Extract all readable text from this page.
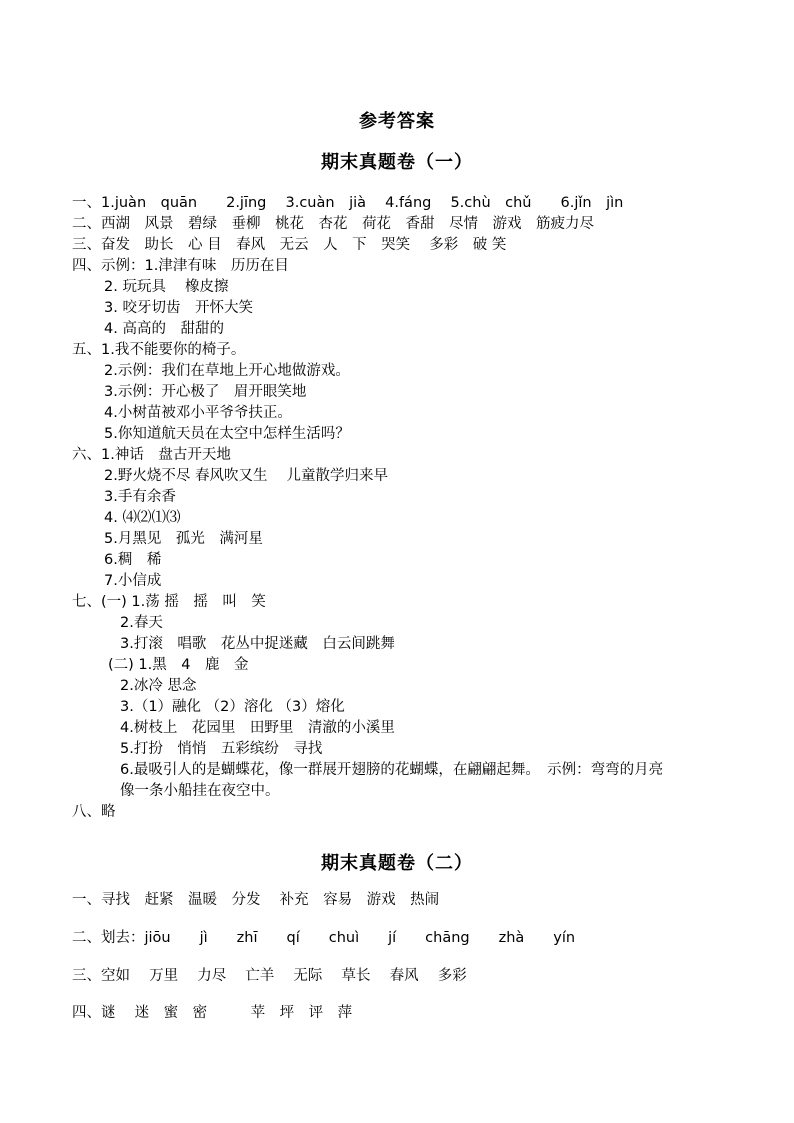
参考答案
期末真题卷（一）
一、1.juàn　quān　　2.jīng　 3.cuàn　jià　 4.fáng　 5.chù　chǔ　　6.jǐn　jìn
二、西湖　风景　碧绿　垂柳　桃花　杏花　荷花　香甜　尽情　游戏　筋疲力尽
三、奋发　助长　心 目　春风　无云　人　下　哭笑　 多彩　破 笑
四、示例：1.津津有味　历历在目
2. 玩玩具　 橡皮擦
3. 咬牙切齿　开怀大笑
4. 高高的　甜甜的
五、1.我不能要你的椅子。
2.示例：我们在草地上开心地做游戏。
3.示例：开心极了　眉开眼笑地
4.小树苗被邓小平爷爷扶正。
5.你知道航天员在太空中怎样生活吗？
六、1.神话　盘古开天地
2.野火烧不尽 春风吹又生　 儿童散学归来早
3.手有余香
4. ⑷⑵⑴⑶
5.月黑见　孤光　满河星
6.稠　稀
7.小信成
七、(一) 1.荡 摇　摇　叫　笑
2.春天
3.打滚　唱歌　花丛中捉迷藏　白云间跳舞
(二) 1.黑　4　鹿　金
2.冰冷 思念
3.（1）融化 （2）溶化 （3）熔化
4.树枝上　花园里　田野里　清澈的小溪里
5.打扮　悄悄　五彩缤纷　寻找
6.最吸引人的是蝴蝶花，像一群展开翅膀的花蝴蝶，在翩翩起舞。　示例：弯弯的月亮
像一条小船挂在夜空中。
八、略
期末真题卷（二）
一、寻找　赶紧　温暖　分发　 补充　容易　游戏　热闹
二、划去：jiōu　　jì　　zhī　　qí　　chuì　　jí　　chāng　　zhà　　yín
三、空如　 万里　 力尽　 亡羊　 无际　 草长　 春风　 多彩
四、谜　 迷　蜜　密　　　苹　坪　评　萍
